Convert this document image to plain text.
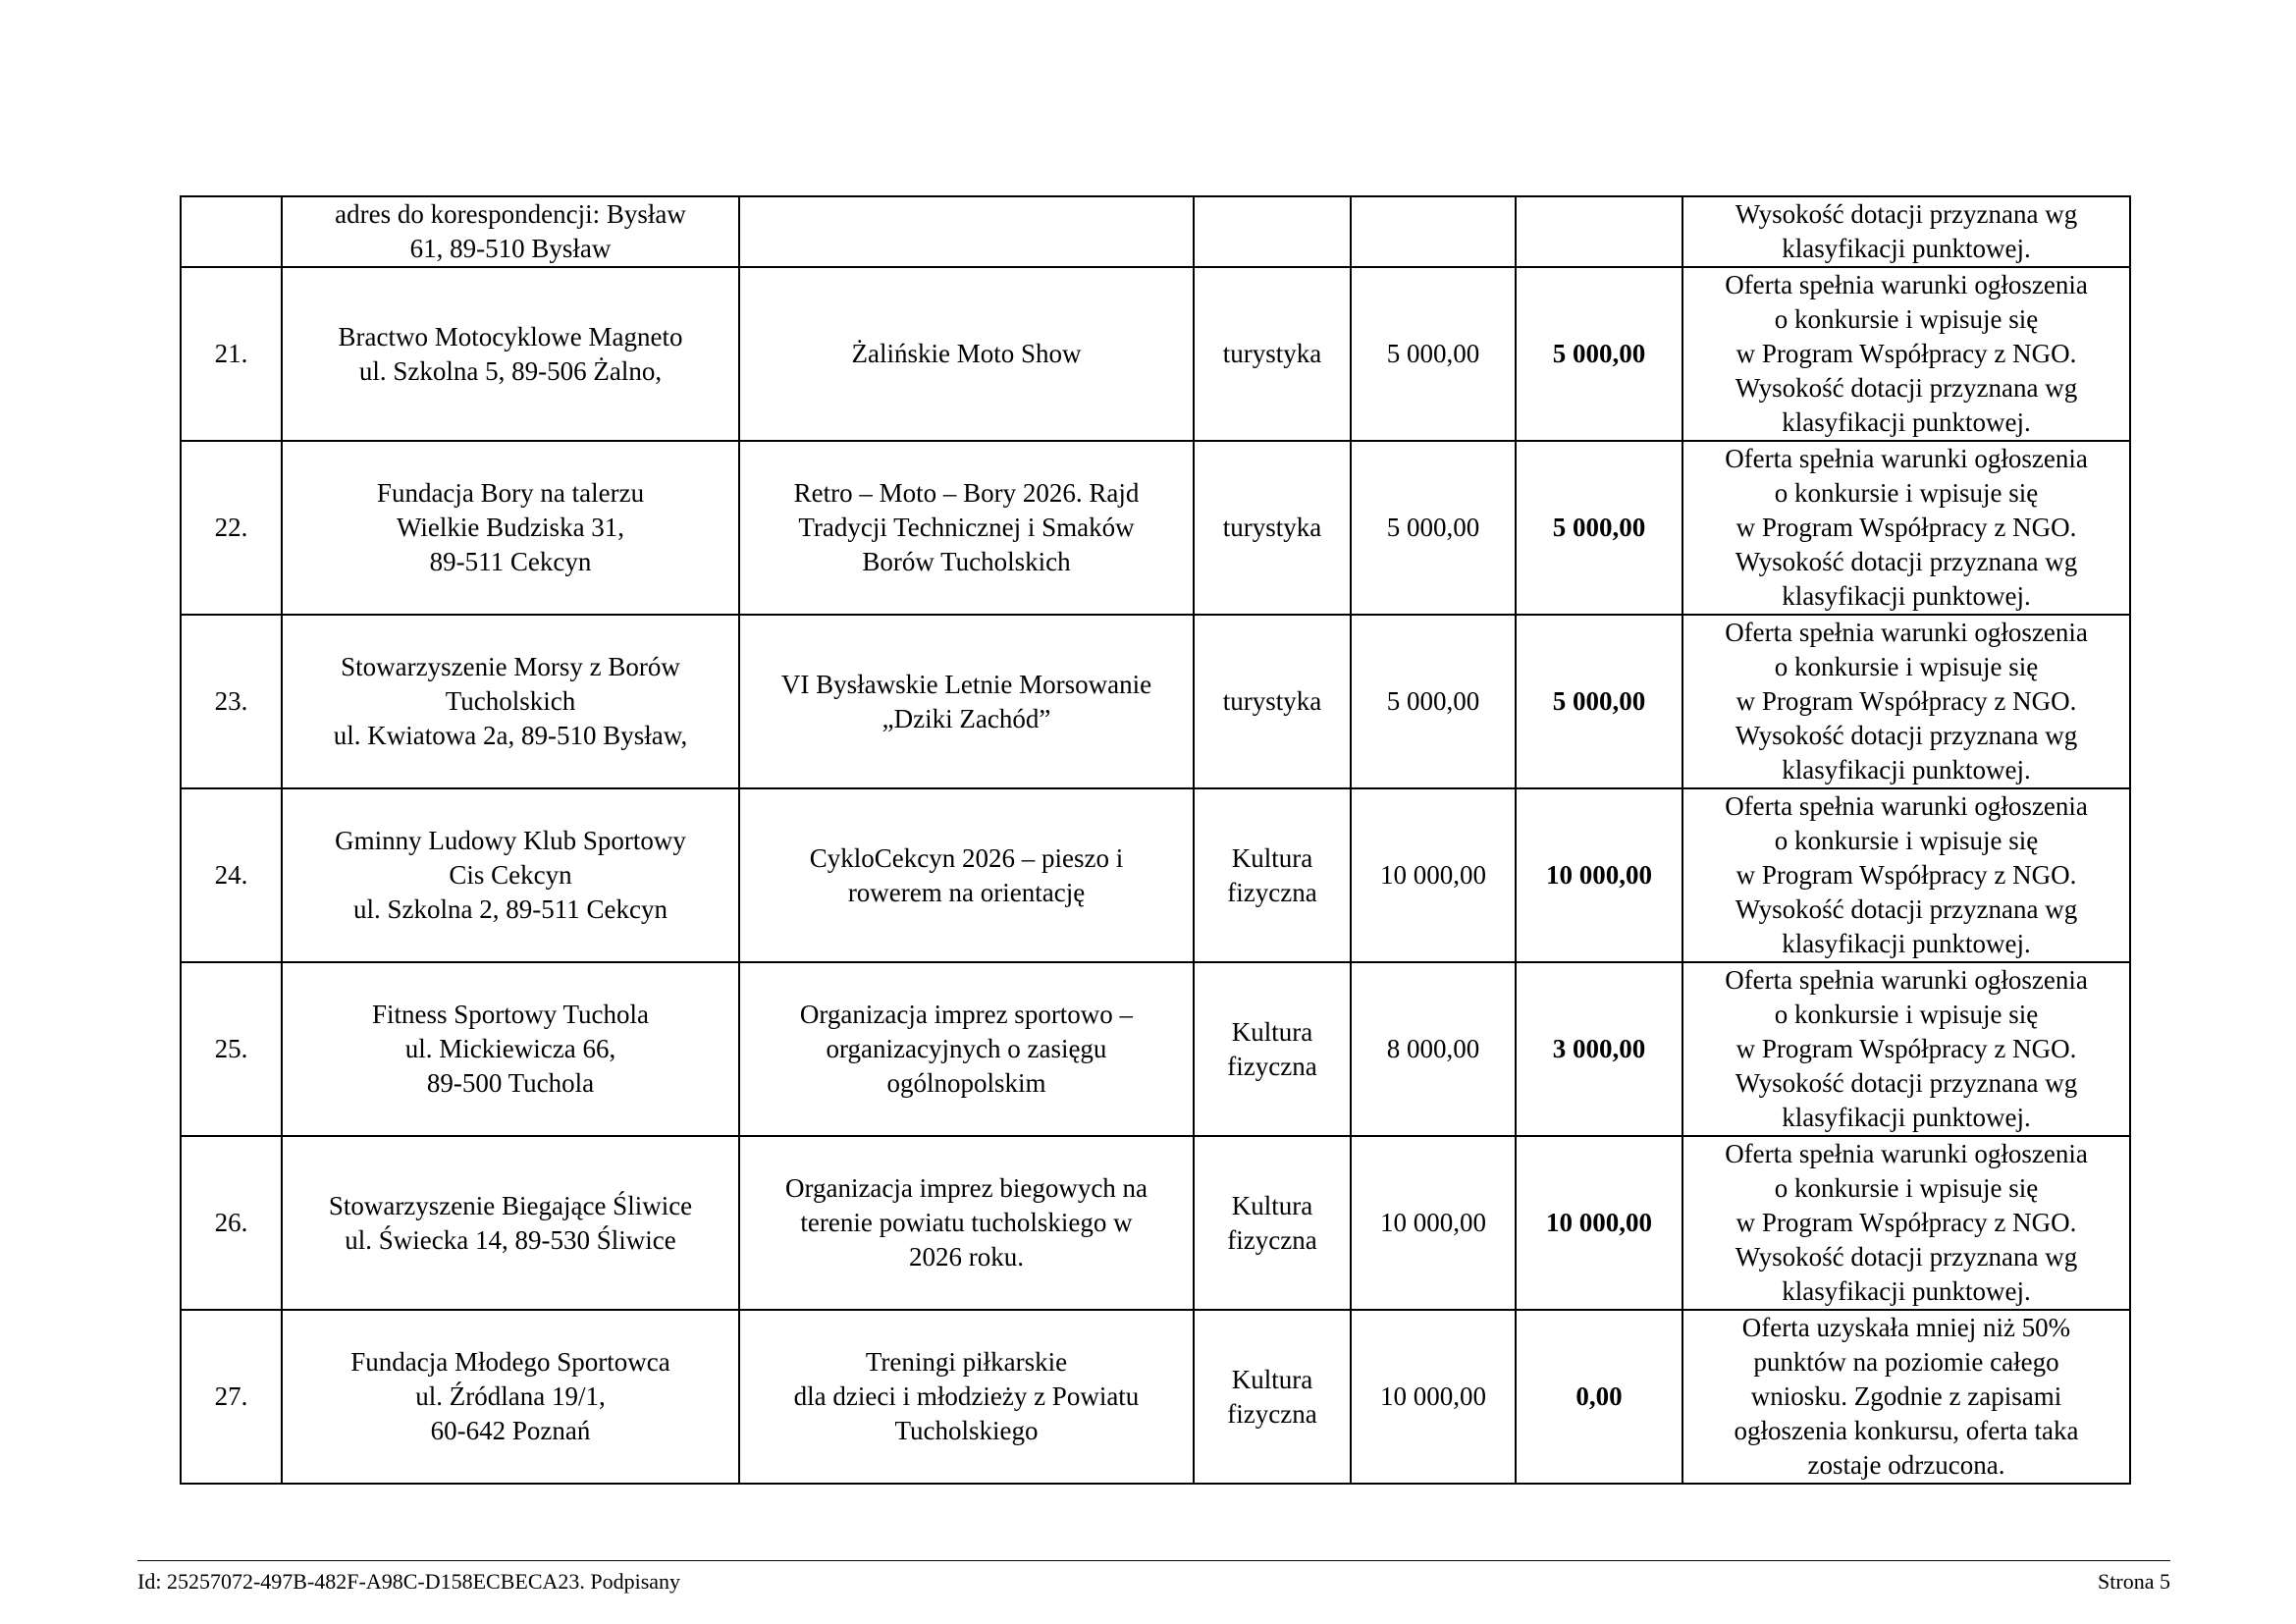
	adres do korespondencji: Bysław
61, 89-510 Bysław					Wysokość dotacji przyznana wg
klasyfikacji punktowej.

21.	Bractwo Motocyklowe Magneto
ul. Szkolna 5, 89-506 Żalno,	Żalińskie Moto Show	turystyka	5 000,00	5 000,00	Oferta spełnia warunki ogłoszenia
o konkursie i wpisuje się
w Program Współpracy z NGO.
Wysokość dotacji przyznana wg
klasyfikacji punktowej.

22.	Fundacja Bory na talerzu
Wielkie Budziska 31,
89-511 Cekcyn	Retro – Moto – Bory 2026. Rajd
Tradycji Technicznej i Smaków
Borów Tucholskich	turystyka	5 000,00	5 000,00	Oferta spełnia warunki ogłoszenia
o konkursie i wpisuje się
w Program Współpracy z NGO.
Wysokość dotacji przyznana wg
klasyfikacji punktowej.

23.	Stowarzyszenie Morsy z Borów
Tucholskich
ul. Kwiatowa 2a, 89-510 Bysław,	VI Bysławskie Letnie Morsowanie
„Dziki Zachód”	turystyka	5 000,00	5 000,00	Oferta spełnia warunki ogłoszenia
o konkursie i wpisuje się
w Program Współpracy z NGO.
Wysokość dotacji przyznana wg
klasyfikacji punktowej.

24.	Gminny Ludowy Klub Sportowy
Cis Cekcyn
ul. Szkolna 2, 89-511 Cekcyn	CykloCekcyn 2026 – pieszo i
rowerem na orientację	Kultura
fizyczna	10 000,00	10 000,00	Oferta spełnia warunki ogłoszenia
o konkursie i wpisuje się
w Program Współpracy z NGO.
Wysokość dotacji przyznana wg
klasyfikacji punktowej.

25.	Fitness Sportowy Tuchola
ul. Mickiewicza 66,
89-500 Tuchola	Organizacja imprez sportowo –
organizacyjnych o zasięgu
ogólnopolskim	Kultura
fizyczna	8 000,00	3 000,00	Oferta spełnia warunki ogłoszenia
o konkursie i wpisuje się
w Program Współpracy z NGO.
Wysokość dotacji przyznana wg
klasyfikacji punktowej.

26.	Stowarzyszenie Biegające Śliwice
ul. Świecka 14, 89-530 Śliwice	Organizacja imprez biegowych na
terenie powiatu tucholskiego w
2026 roku.	Kultura
fizyczna	10 000,00	10 000,00	Oferta spełnia warunki ogłoszenia
o konkursie i wpisuje się
w Program Współpracy z NGO.
Wysokość dotacji przyznana wg
klasyfikacji punktowej.

27.	Fundacja Młodego Sportowca
ul. Źródlana 19/1,
60-642 Poznań	Treningi piłkarskie
dla dzieci i młodzieży z Powiatu
Tucholskiego	Kultura
fizyczna	10 000,00	0,00	Oferta uzyskała mniej niż 50%
punktów na poziomie całego
wniosku. Zgodnie z zapisami
ogłoszenia konkursu, oferta taka
zostaje odrzucona.
Id: 25257072-497B-482F-A98C-D158ECBECA23. Podpisany	Strona 5
